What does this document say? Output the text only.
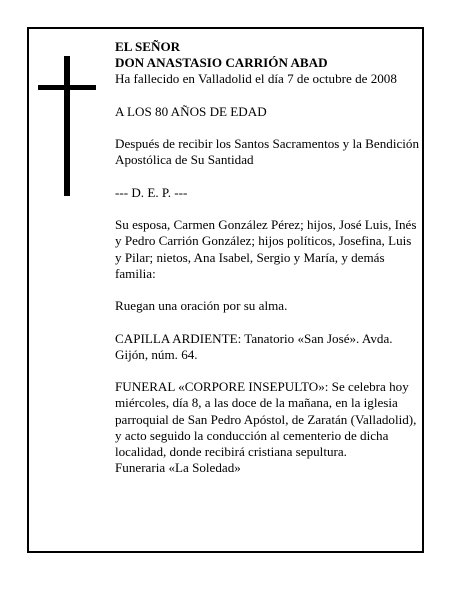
EL SEÑOR

DON ANASTASIO CARRIÓN ABAD

Ha fallecido en Valladolid el día 7 de octubre de 2008

A LOS 80 AÑOS DE EDAD

Después de recibir los Santos Sacramentos y la Bendición Apostólica de Su Santidad

--- D. E. P. ---

Su esposa, Carmen González Pérez; hijos, José Luis, Inés y Pedro Carrión González; hijos políticos, Josefina, Luis y Pilar; nietos, Ana Isabel, Sergio y María, y demás familia:

Ruegan una oración por su alma.

CAPILLA ARDIENTE: Tanatorio «San José». Avda. Gijón, núm. 64.

FUNERAL «CORPORE INSEPULTO»: Se celebra hoy miércoles, día 8, a las doce de la mañana, en la iglesia parroquial de San Pedro Apóstol, de Zaratán (Valladolid), y acto seguido la conducción al cementerio de dicha localidad, donde recibirá cristiana sepultura.

Funeraria «La Soledad»
